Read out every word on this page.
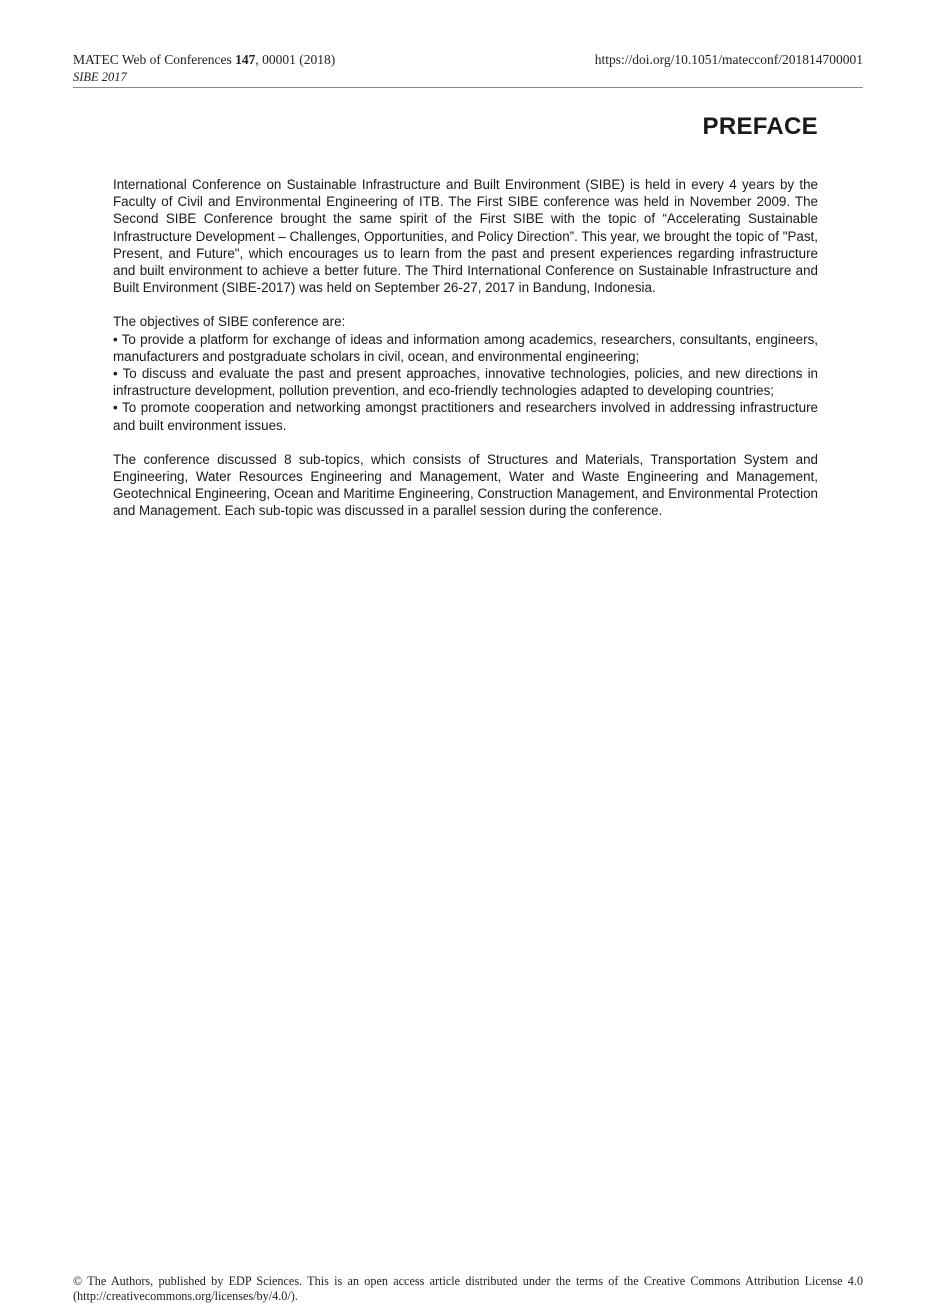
MATEC Web of Conferences 147, 00001 (2018)
SIBE 2017
https://doi.org/10.1051/matecconf/201814700001
PREFACE

International Conference on Sustainable Infrastructure and Built Environment (SIBE) is held in every 4 years by the Faculty of Civil and Environmental Engineering of ITB. The First SIBE conference was held in November 2009. The Second SIBE Conference brought the same spirit of the First SIBE with the topic of “Accelerating Sustainable Infrastructure Development – Challenges, Opportunities, and Policy Direction”. This year, we brought the topic of "Past, Present, and Future", which encourages us to learn from the past and present experiences regarding infrastructure and built environment to achieve a better future. The Third International Conference on Sustainable Infrastructure and Built Environment (SIBE-2017) was held on September 26-27, 2017 in Bandung, Indonesia.

The objectives of SIBE conference are:

• To provide a platform for exchange of ideas and information among academics, researchers, consultants, engineers, manufacturers and postgraduate scholars in civil, ocean, and environmental engineering;

• To discuss and evaluate the past and present approaches, innovative technologies, policies, and new directions in infrastructure development, pollution prevention, and eco-friendly technologies adapted to developing countries;

• To promote cooperation and networking amongst practitioners and researchers involved in addressing infrastructure and built environment issues.

The conference discussed 8 sub-topics, which consists of Structures and Materials, Transportation System and Engineering, Water Resources Engineering and Management, Water and Waste Engineering and Management, Geotechnical Engineering, Ocean and Maritime Engineering, Construction Management, and Environmental Protection and Management. Each sub-topic was discussed in a parallel session during the conference.

© The Authors, published by EDP Sciences. This is an open access article distributed under the terms of the Creative Commons Attribution License 4.0 (http://creativecommons.org/licenses/by/4.0/).
